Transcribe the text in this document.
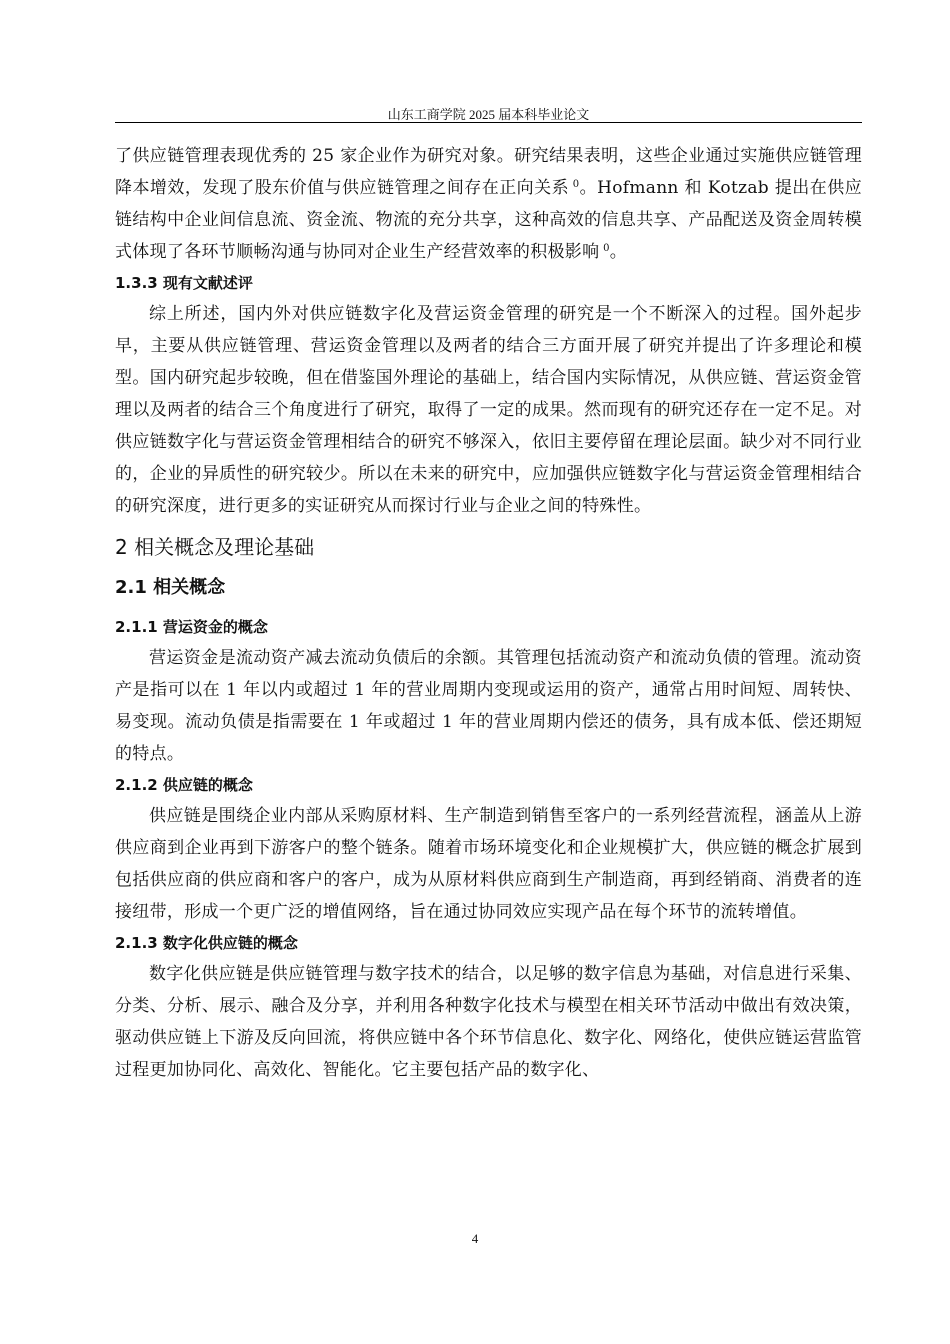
山东工商学院 2025 届本科毕业论文

了供应链管理表现优秀的 25 家企业作为研究对象。研究结果表明，这些企业通过实施供应链管理降本增效，发现了股东价值与供应链管理之间存在正向关系  $^0$。Hofmann 和 Kotzab 提出在供应链结构中企业间信息流、资金流、物流的充分共享，这种高效的信息共享、产品配送及资金周转模式体现了各环节顺畅沟通与协同对企业生产经营效率的积极影响  $^0$。

1.3.3 现有文献述评

综上所述，国内外对供应链数字化及营运资金管理的研究是一个不断深入的过程。国外起步早，主要从供应链管理、营运资金管理以及两者的结合三方面开展了研究并提出了许多理论和模型。国内研究起步较晚，但在借鉴国外理论的基础上，结合国内实际情况，从供应链、营运资金管理以及两者的结合三个角度进行了研究，取得了一定的成果。然而现有的研究还存在一定不足。对供应链数字化与营运资金管理相结合的研究不够深入，依旧主要停留在理论层面。缺少对不同行业的，企业的异质性的研究较少。所以在未来的研究中，应加强供应链数字化与营运资金管理相结合的研究深度，进行更多的实证研究从而探讨行业与企业之间的特殊性。

2 相关概念及理论基础
2.1 相关概念
2.1.1 营运资金的概念

营运资金是流动资产减去流动负债后的余额。其管理包括流动资产和流动负债的管理。流动资产是指可以在 1 年以内或超过 1 年的营业周期内变现或运用的资产，通常占用时间短、周转快、易变现。流动负债是指需要在 1 年或超过 1 年的营业周期内偿还的债务，具有成本低、偿还期短的特点。

2.1.2 供应链的概念

供应链是围绕企业内部从采购原材料、生产制造到销售至客户的一系列经营流程，涵盖从上游供应商到企业再到下游客户的整个链条。随着市场环境变化和企业规模扩大，供应链的概念扩展到包括供应商的供应商和客户的客户，成为从原材料供应商到生产制造商，再到经销商、消费者的连接纽带，形成一个更广泛的增值网络，旨在通过协同效应实现产品在每个环节的流转增值。

2.1.3 数字化供应链的概念

数字化供应链是供应链管理与数字技术的结合，以足够的数字信息为基础，对信息进行采集、分类、分析、展示、融合及分享，并利用各种数字化技术与模型在相关环节活动中做出有效决策，驱动供应链上下游及反向回流，将供应链中各个环节信息化、数字化、网络化，使供应链运营监管过程更加协同化、高效化、智能化。它主要包括产品的数字化、

4
